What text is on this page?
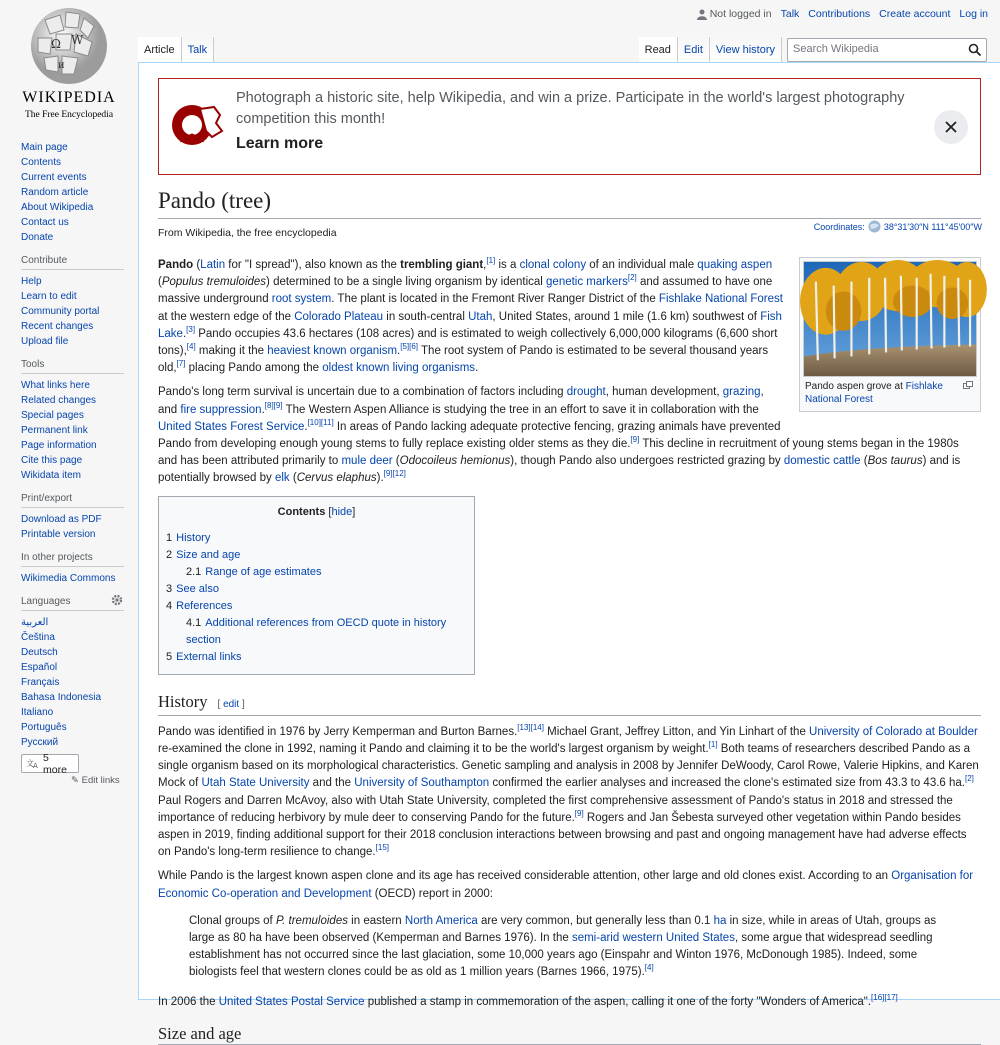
Not logged in Talk Contributions Create account Log in
Ω W
и
WIKIPEDIA
The Free Encyclopedia
Article	Talk	Read	Edit	View history	Search Wikipedia
Main page
Contents
Current events
Random article
About Wikipedia
Contact us
Donate
Contribute
Help
Learn to edit
Community portal
Recent changes
Upload file
Tools
What links here
Related changes
Special pages
Permanent link
Page information
Cite this page
Wikidata item
Print/export
Download as PDF
Printable version
In other projects
Wikimedia Commons
Languages
العربية
Čeština
Deutsch
Español
Français
Bahasa Indonesia
Italiano
Português
Русский
文 A
5 more
✎ Edit links
Photograph a historic site, help Wikipedia, and win a prize. Participate in the world's largest photography competition this month!
Learn more
Pando (tree)
From Wikipedia, the free encyclopedia
Coordinates: 38°31′30″N 111°45′00″W
Pando aspen grove at Fishlake National Forest

Pando (Latin for "I spread"), also known as the trembling giant,[1] is a clonal colony of an individual male quaking aspen (Populus tremuloides) determined to be a single living organism by identical genetic markers[2] and assumed to have one massive underground root system. The plant is located in the Fremont River Ranger District of the Fishlake National Forest at the western edge of the Colorado Plateau in south-central Utah, United States, around 1 mile (1.6 km) southwest of Fish Lake.[3] Pando occupies 43.6 hectares (108 acres) and is estimated to weigh collectively 6,000,000 kilograms (6,600 short tons),[4] making it the heaviest known organism.[5][6] The root system of Pando is estimated to be several thousand years old,[7] placing Pando among the oldest known living organisms.

Pando's long term survival is uncertain due to a combination of factors including drought, human development, grazing, and fire suppression.[8][9] The Western Aspen Alliance is studying the tree in an effort to save it in collaboration with the United States Forest Service.[10][11] In areas of Pando lacking adequate protective fencing, grazing animals have prevented Pando from developing enough young stems to fully replace existing older stems as they die.[9] This decline in recruitment of young stems began in the 1980s and has been attributed primarily to mule deer (Odocoileus hemionus), though Pando also undergoes restricted grazing by domestic cattle (Bos taurus) and is potentially browsed by elk (Cervus elaphus).[9][12]

Contents [hide]
1 History
2 Size and age
2.1 Range of age estimates
3 See also
4 References
4.1 Additional references from OECD quote in history section
5 External links
History [ edit ]

Pando was identified in 1976 by Jerry Kemperman and Burton Barnes.[13][14] Michael Grant, Jeffrey Litton, and Yin Linhart of the University of Colorado at Boulder re-examined the clone in 1992, naming it Pando and claiming it to be the world's largest organism by weight.[1] Both teams of researchers described Pando as a single organism based on its morphological characteristics. Genetic sampling and analysis in 2008 by Jennifer DeWoody, Carol Rowe, Valerie Hipkins, and Karen Mock of Utah State University and the University of Southampton confirmed the earlier analyses and increased the clone's estimated size from 43.3 to 43.6 ha.[2] Paul Rogers and Darren McAvoy, also with Utah State University, completed the first comprehensive assessment of Pando's status in 2018 and stressed the importance of reducing herbivory by mule deer to conserving Pando for the future.[9] Rogers and Jan Šebesta surveyed other vegetation within Pando besides aspen in 2019, finding additional support for their 2018 conclusion interactions between browsing and past and ongoing management have had adverse effects on Pando's long-term resilience to change.[15]

While Pando is the largest known aspen clone and its age has received considerable attention, other large and old clones exist. According to an Organisation for Economic Co-operation and Development (OECD) report in 2000:

Clonal groups of P. tremuloides in eastern North America are very common, but generally less than 0.1 ha in size, while in areas of Utah, groups as large as 80 ha have been observed (Kemperman and Barnes 1976). In the semi-arid western United States, some argue that widespread seedling establishment has not occurred since the last glaciation, some 10,000 years ago (Einspahr and Winton 1976, McDonough 1985). Indeed, some biologists feel that western clones could be as old as 1 million years (Barnes 1966, 1975).[4]

In 2006 the United States Postal Service published a stamp in commemoration of the aspen, calling it one of the forty "Wonders of America".[16][17]

Size and age
